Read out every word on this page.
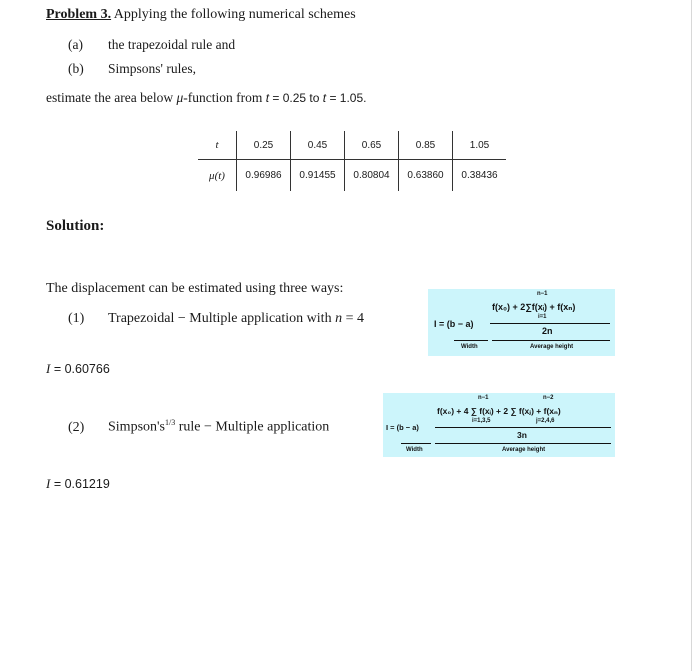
Problem 3. Applying the following numerical schemes
(a) the trapezoidal rule and
(b) Simpsons' rules,
estimate the area below μ-function from t = 0.25 to t = 1.05.
t	0.25	0.45	0.65	0.85	1.05
μ(t)	0.96986	0.91455	0.80804	0.63860	0.38436
Solution:
The displacement can be estimated using three ways:
(1) Trapezoidal − Multiple application with n = 4
I = 0.60766
(2) $Simpson's^{1/3}$ rule − Multiple application
I = 0.61219
I = (b − a)
n−1
f(x₀) + 2∑f(xᵢ) + f(xₙ)
i=1
2n
Width	Average height
I = (b − a)
n−1	n−2
f(x₀) + 4 ∑ f(xᵢ) + 2 ∑ f(xⱼ) + f(xₙ)
i=1,3,5	j=2,4,6
3n
Width	Average height
